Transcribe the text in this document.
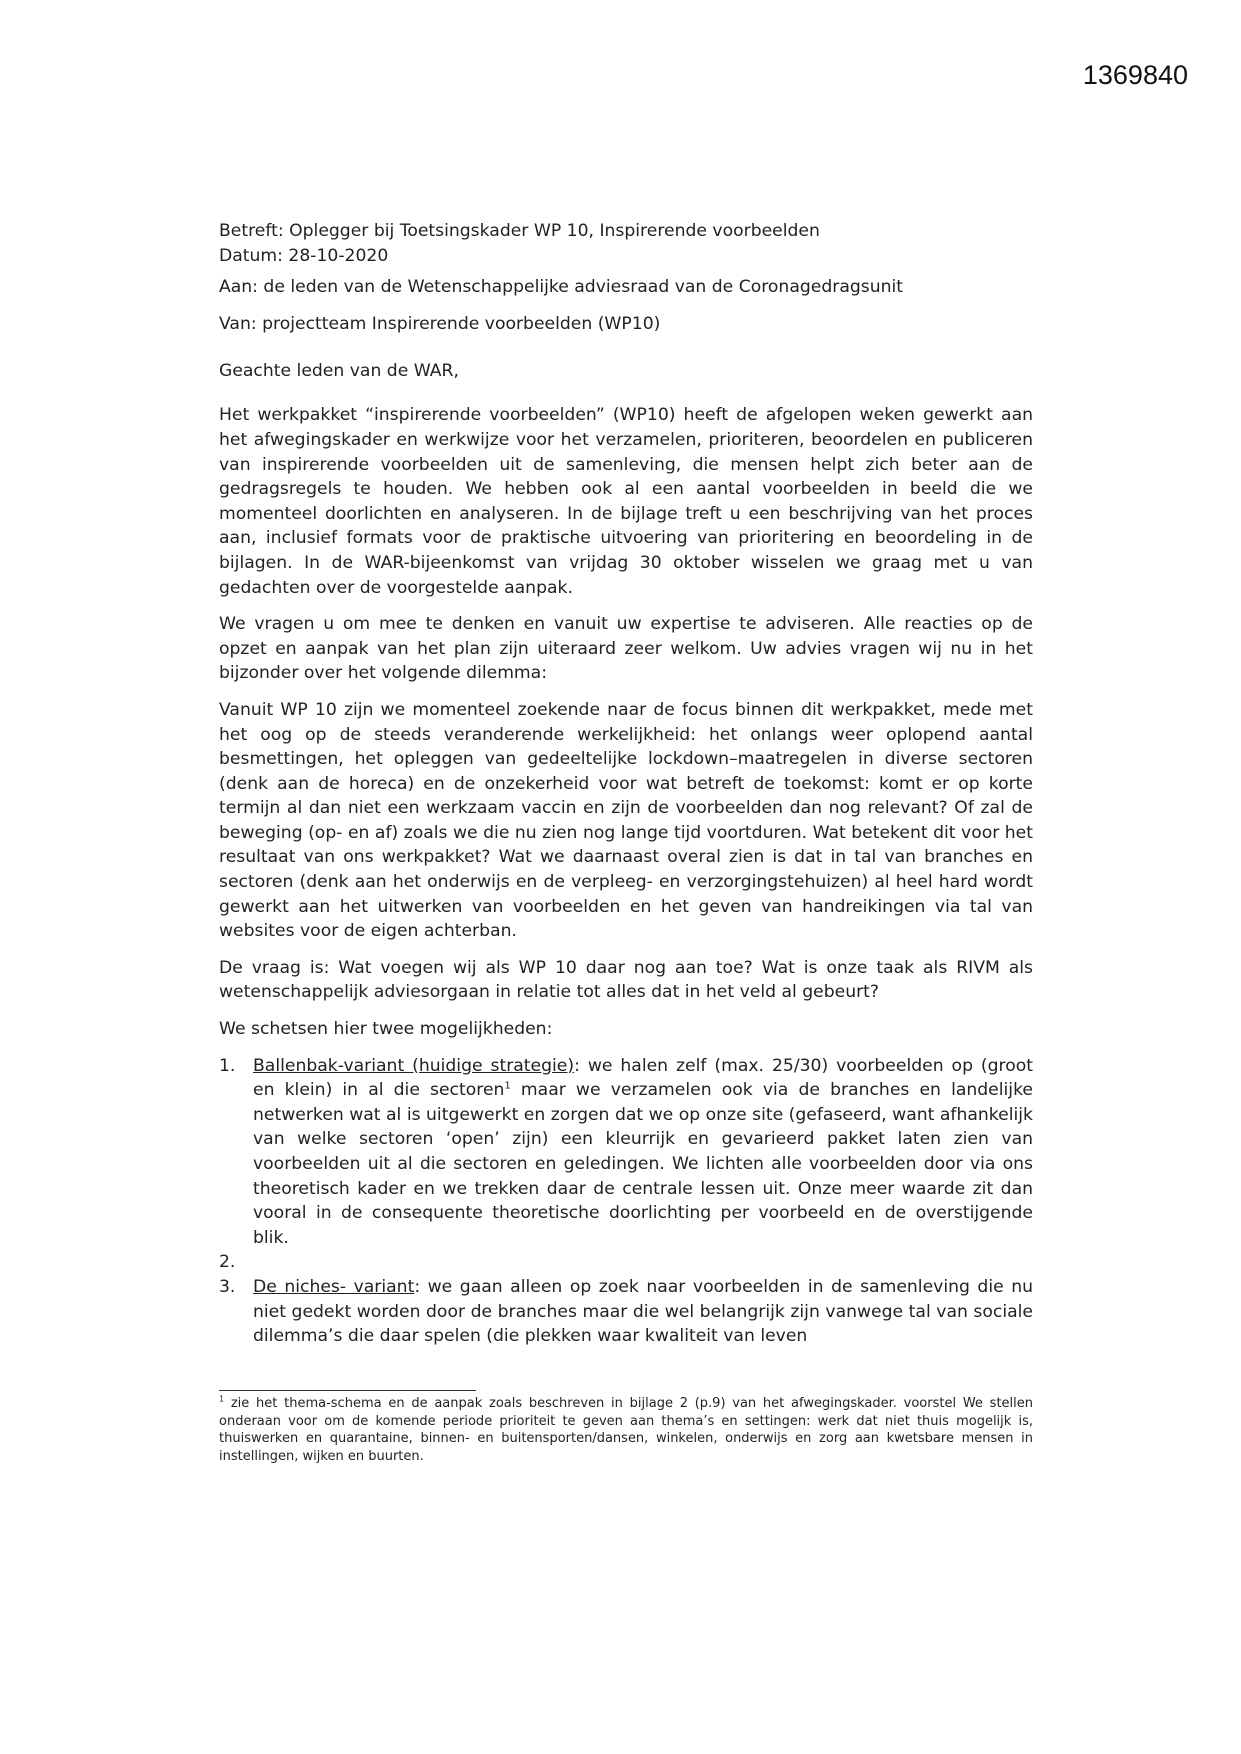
1369840
Betreft: Oplegger bij Toetsingskader WP 10, Inspirerende voorbeelden
Datum: 28-10-2020
Aan: de leden van de Wetenschappelijke adviesraad van de Coronagedragsunit
Van: projectteam Inspirerende voorbeelden (WP10)
Geachte leden van de WAR,

Het werkpakket “inspirerende voorbeelden” (WP10) heeft de afgelopen weken gewerkt aan het afwegingskader en werkwijze voor het verzamelen, prioriteren, beoordelen en publiceren van inspirerende voorbeelden uit de samenleving, die mensen helpt zich beter aan de gedragsregels te houden. We hebben ook al een aantal voorbeelden in beeld die we momenteel doorlichten en analyseren. In de bijlage treft u een beschrijving van het proces aan, inclusief formats voor de praktische uitvoering van prioritering en beoordeling in de bijlagen. In de WAR-bijeenkomst van vrijdag 30 oktober wisselen we graag met u van gedachten over de voorgestelde aanpak.

We vragen u om mee te denken en vanuit uw expertise te adviseren. Alle reacties op de opzet en aanpak van het plan zijn uiteraard zeer welkom. Uw advies vragen wij nu in het bijzonder over het volgende dilemma:

Vanuit WP 10 zijn we momenteel zoekende naar de focus binnen dit werkpakket, mede met het oog op de steeds veranderende werkelijkheid: het onlangs weer oplopend aantal besmettingen, het opleggen van gedeeltelijke lockdown–maatregelen in diverse sectoren (denk aan de horeca) en de onzekerheid voor wat betreft de toekomst: komt er op korte termijn al dan niet een werkzaam vaccin en zijn de voorbeelden dan nog relevant? Of zal de beweging (op- en af) zoals we die nu zien nog lange tijd voortduren. Wat betekent dit voor het resultaat van ons werkpakket? Wat we daarnaast overal zien is dat in tal van branches en sectoren (denk aan het onderwijs en de verpleeg- en verzorgingstehuizen) al heel hard wordt gewerkt aan het uitwerken van voorbeelden en het geven van handreikingen via tal van websites voor de eigen achterban.

De vraag is: Wat voegen wij als WP 10 daar nog aan toe? Wat is onze taak als RIVM als wetenschappelijk adviesorgaan in relatie tot alles dat in het veld al gebeurt?

We schetsen hier twee mogelijkheden:

1. Ballenbak-variant (huidige strategie): we halen zelf (max. 25/30) voorbeelden op (groot en klein) in al die sectoren$^1$ maar we verzamelen ook via de branches en landelijke netwerken wat al is uitgewerkt en zorgen dat we op onze site (gefaseerd, want afhankelijk van welke sectoren ‘open’ zijn) een kleurrijk en gevarieerd pakket laten zien van voorbeelden uit al die sectoren en geledingen. We lichten alle voorbeelden door via ons theoretisch kader en we trekken daar de centrale lessen uit. Onze meer waarde zit dan vooral in de consequente theoretische doorlichting per voorbeeld en de overstijgende blik.
2.
3. De niches- variant: we gaan alleen op zoek naar voorbeelden in de samenleving die nu niet gedekt worden door de branches maar die wel belangrijk zijn vanwege tal van sociale dilemma’s die daar spelen (die plekken waar kwaliteit van leven
$^1$ zie het thema-schema en de aanpak zoals beschreven in bijlage 2 (p.9) van het afwegingskader. voorstel We stellen onderaan voor om de komende periode prioriteit te geven aan thema’s en settingen: werk dat niet thuis mogelijk is, thuiswerken en quarantaine, binnen- en buitensporten/dansen, winkelen, onderwijs en zorg aan kwetsbare mensen in instellingen, wijken en buurten.
